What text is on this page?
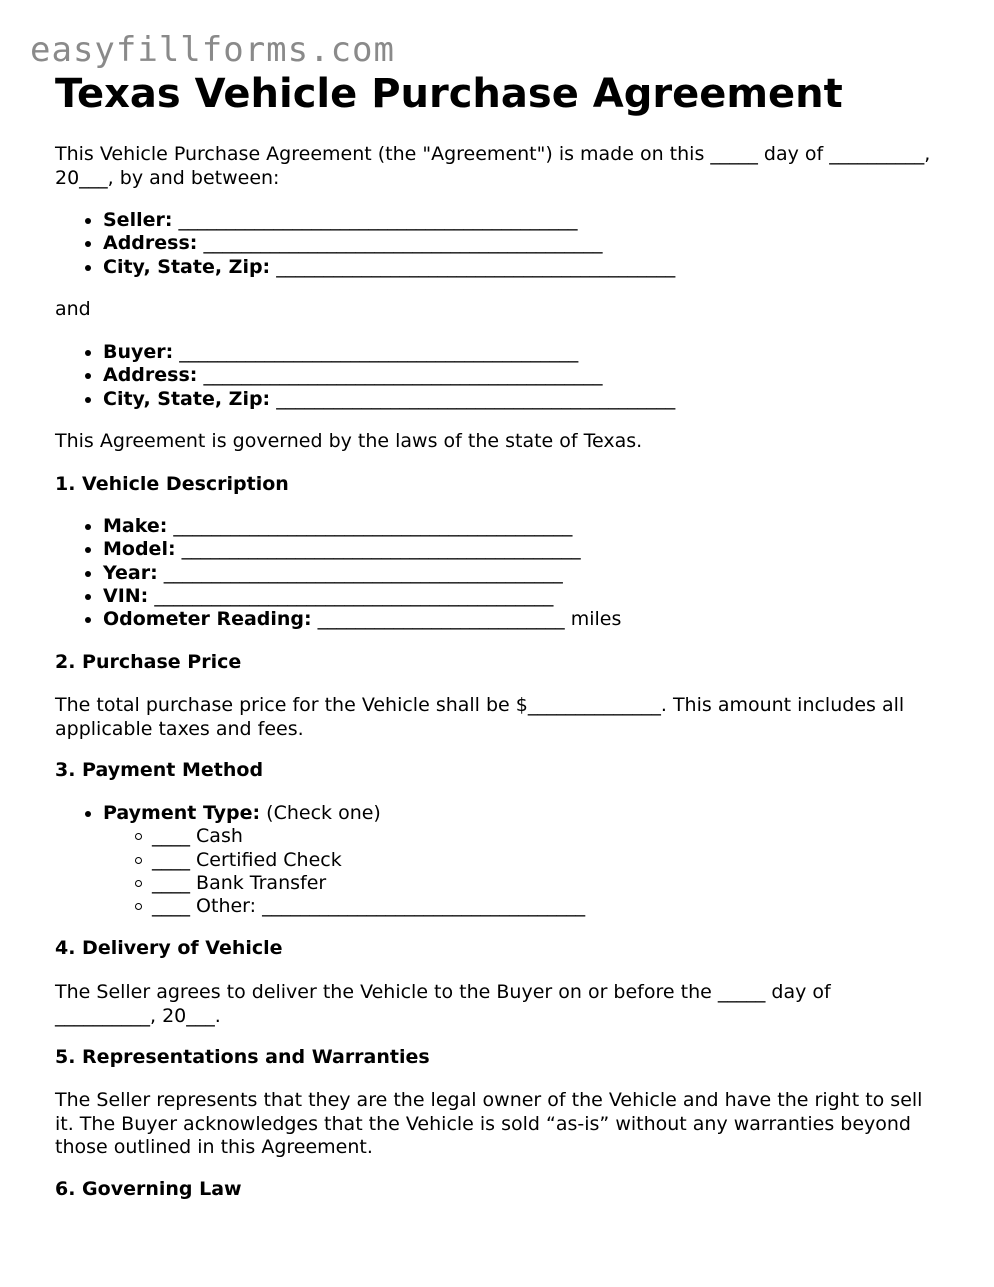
easyfillforms.com
Texas Vehicle Purchase Agreement

This Vehicle Purchase Agreement (the "Agreement") is made on this _____ day of __________, 20___, by and between:

Seller: __________________________________________
Address: __________________________________________
City, State, Zip: __________________________________________

and

Buyer: __________________________________________
Address: __________________________________________
City, State, Zip: __________________________________________

This Agreement is governed by the laws of the state of Texas.

1. Vehicle Description
Make: __________________________________________
Model: __________________________________________
Year: __________________________________________
VIN: __________________________________________
Odometer Reading: __________________________ miles
2. Purchase Price

The total purchase price for the Vehicle shall be $______________. This amount includes all applicable taxes and fees.

3. Payment Method
Payment Type: (Check one)
____ Cash
____ Certified Check
____ Bank Transfer
____ Other: __________________________________
4. Delivery of Vehicle

The Seller agrees to deliver the Vehicle to the Buyer on or before the _____ day of __________, 20___.

5. Representations and Warranties

The Seller represents that they are the legal owner of the Vehicle and have the right to sell it. The Buyer acknowledges that the Vehicle is sold “as-is” without any warranties beyond those outlined in this Agreement.

6. Governing Law
